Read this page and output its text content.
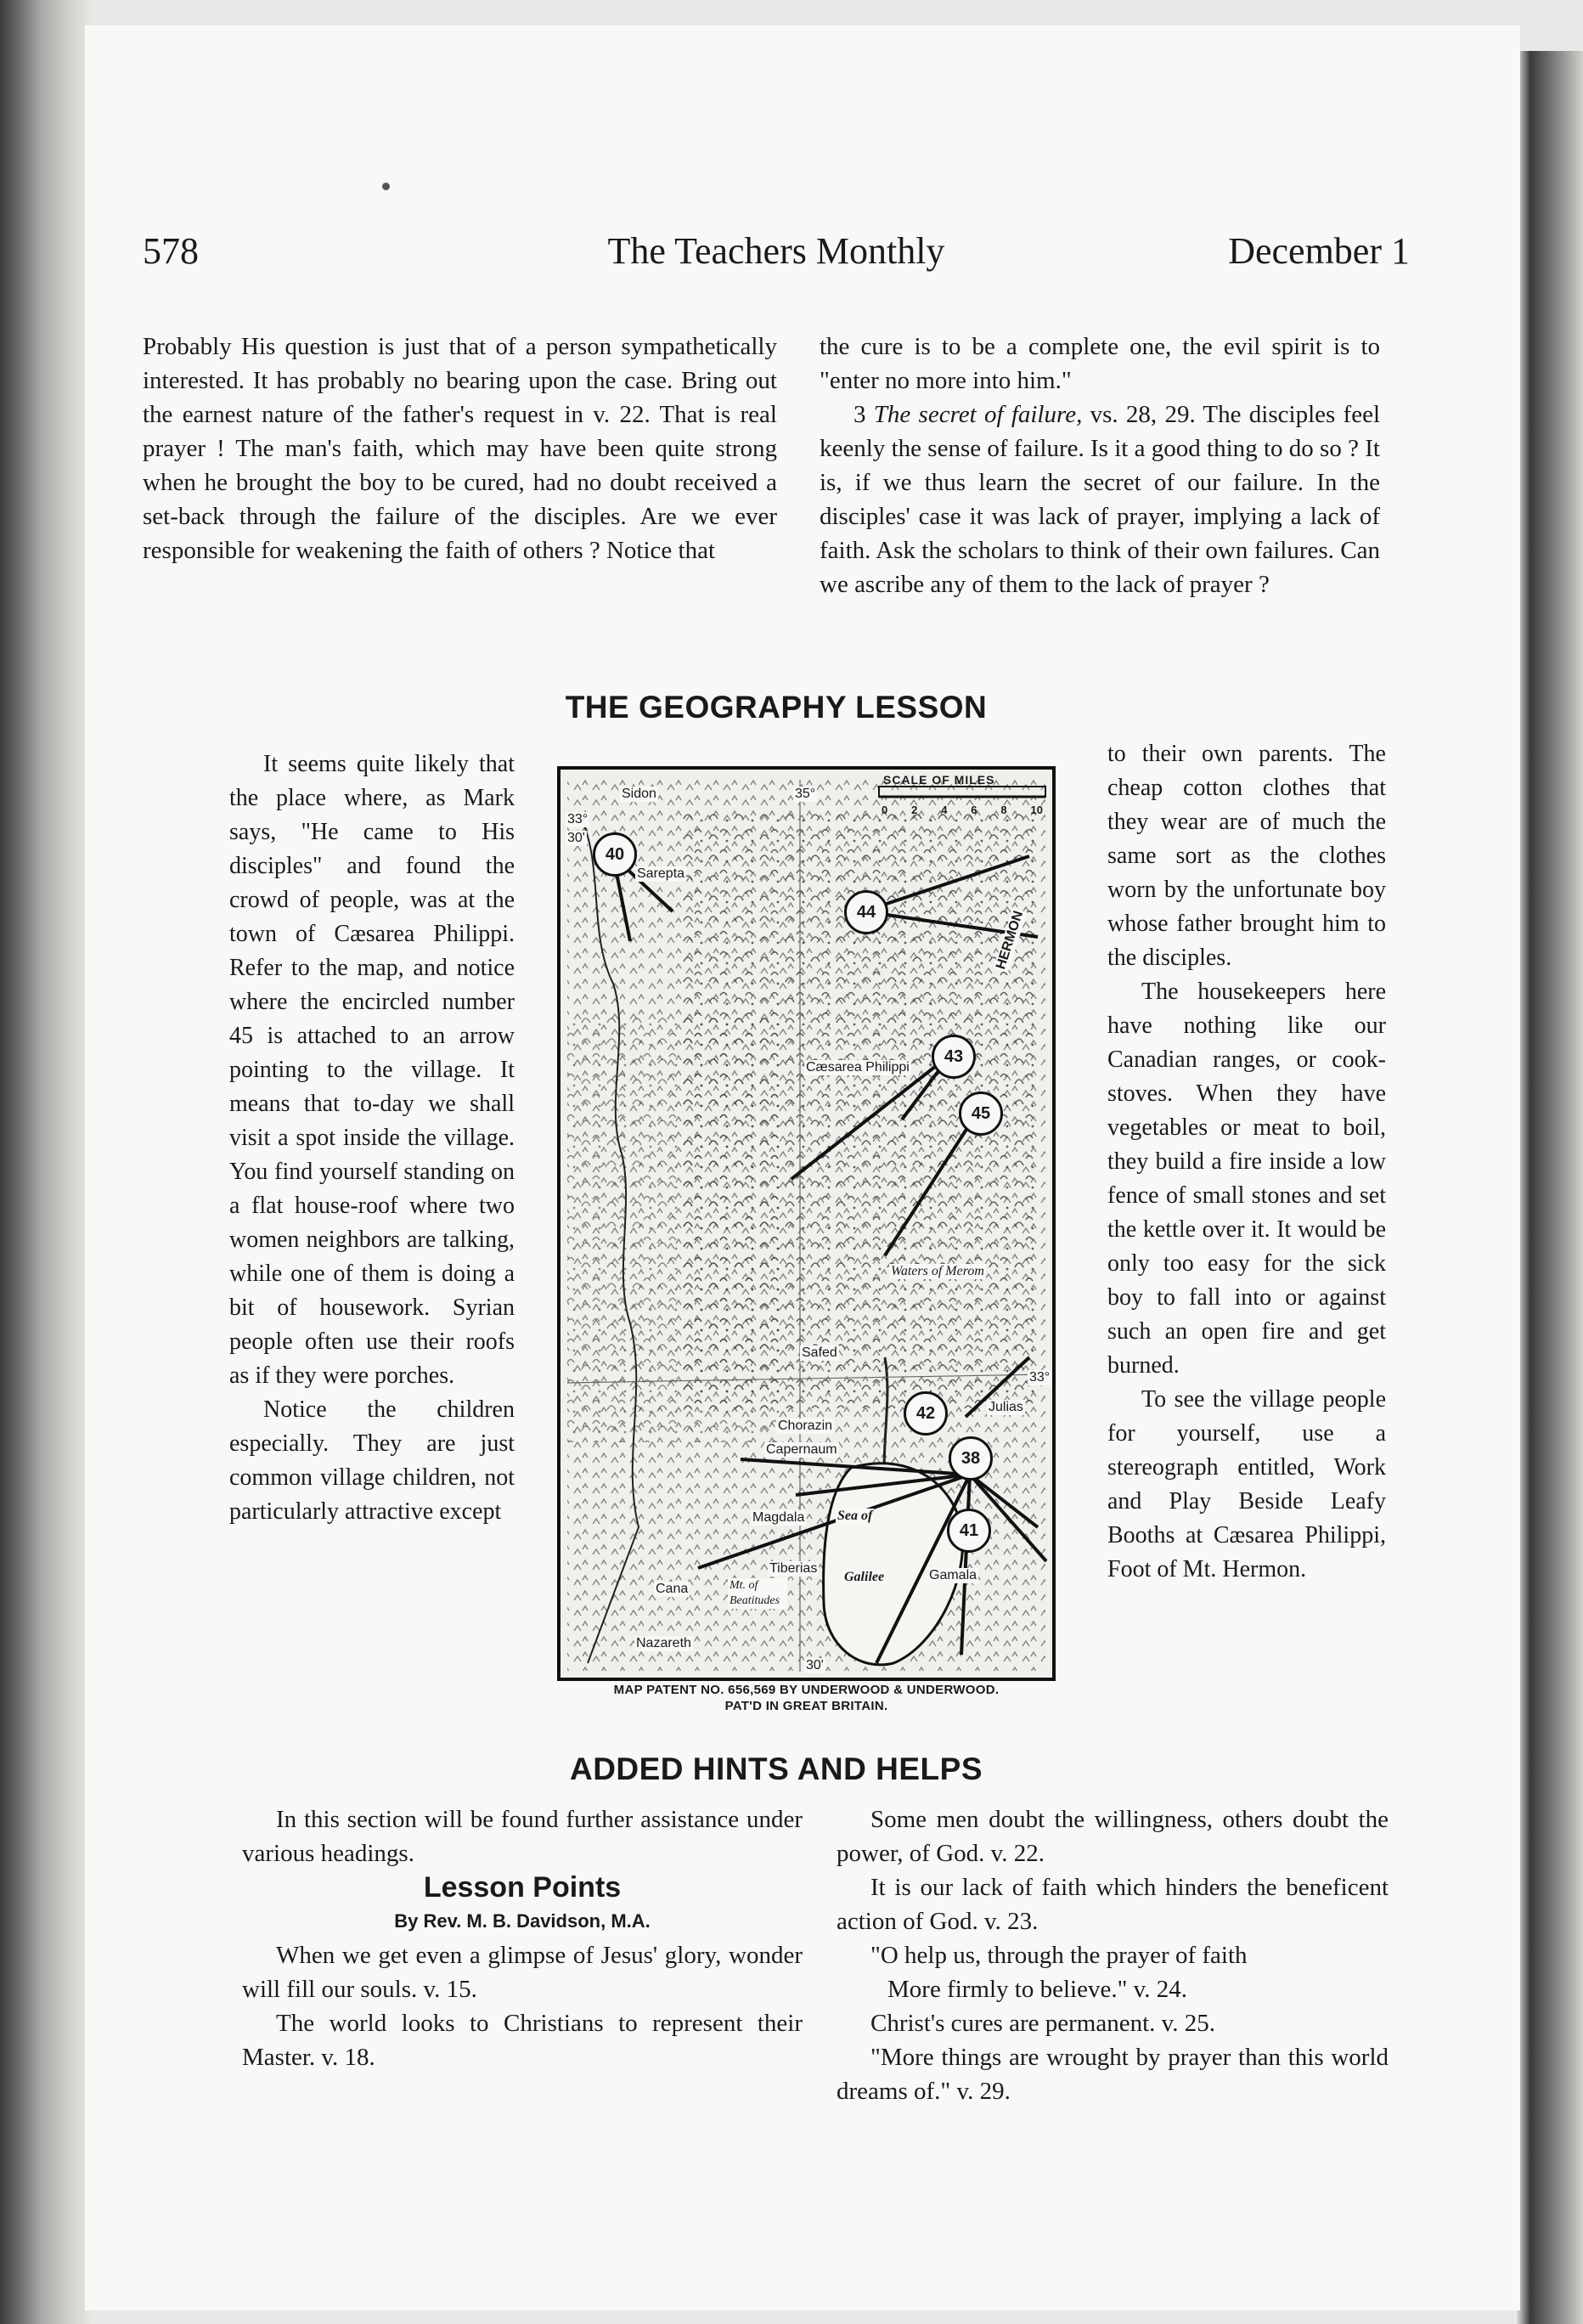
The Teachers Monthly
578	December 1

Probably His question is just that of a person sympathetically interested. It has probably no bearing upon the case. Bring out the earnest nature of the father's request in v. 22. That is real prayer ! The man's faith, which may have been quite strong when he brought the boy to be cured, had no doubt received a set-back through the failure of the disciples. Are we ever responsible for weakening the faith of others ? Notice that

the cure is to be a complete one, the evil spirit is to "enter no more into him."

3 The secret of failure, vs. 28, 29. The disciples feel keenly the sense of failure. Is it a good thing to do so ? It is, if we thus learn the secret of our failure. In the disciples' case it was lack of prayer, implying a lack of faith. Ask the scholars to think of their own failures. Can we ascribe any of them to the lack of prayer ?

THE GEOGRAPHY LESSON

It seems quite likely that the place where, as Mark says, "He came to His disciples" and found the crowd of people, was at the town of Cæsarea Philippi. Refer to the map, and notice where the encircled number 45 is attached to an arrow pointing to the village. It means that to-day we shall visit a spot inside the village. You find yourself standing on a flat house-roof where two women neighbors are talking, while one of them is doing a bit of housework. Syrian people often use their roofs as if they were porches.

Notice the children especially. They are just common village children, not particularly attractive except

to their own parents. The cheap cotton clothes that they wear are of much the same sort as the clothes worn by the unfortunate boy whose father brought him to the disciples.

The housekeepers here have nothing like our Canadian ranges, or cook-stoves. When they have vegetables or meat to boil, they build a fire inside a low fence of small stones and set the kettle over it. It would be only too easy for the sick boy to fall into or against such an open fire and get burned.

To see the village people for yourself, use a stereograph entitled, Work and Play Beside Leafy Booths at Cæsarea Philippi, Foot of Mt. Hermon.

SCALE OF MILES
0 2 4 6 8 10
Sidon
Sarepta
HERMON
Cæsarea Philippi
Waters of Merom
Safed
Chorazin
Capernaum
Julias
Magdala Sea of
Galilee
Tiberias	Gamala
Cana	Mt. of Beatitudes
Nazareth
33°
30'
35°
33°
30'
40
44
43
45
42
38
41
MAP PATENT NO. 656,569 BY UNDERWOOD & UNDERWOOD.
PAT'D IN GREAT BRITAIN.
ADDED HINTS AND HELPS

In this section will be found further assistance under various headings.

Lesson Points

By Rev. M. B. Davidson, M.A.

When we get even a glimpse of Jesus' glory, wonder will fill our souls. v. 15.

The world looks to Christians to represent their Master. v. 18.

Some men doubt the willingness, others doubt the power, of God. v. 22.

It is our lack of faith which hinders the beneficent action of God. v. 23.

"O help us, through the prayer of faith

More firmly to believe." v. 24.

Christ's cures are permanent. v. 25.

"More things are wrought by prayer than this world dreams of." v. 29.
